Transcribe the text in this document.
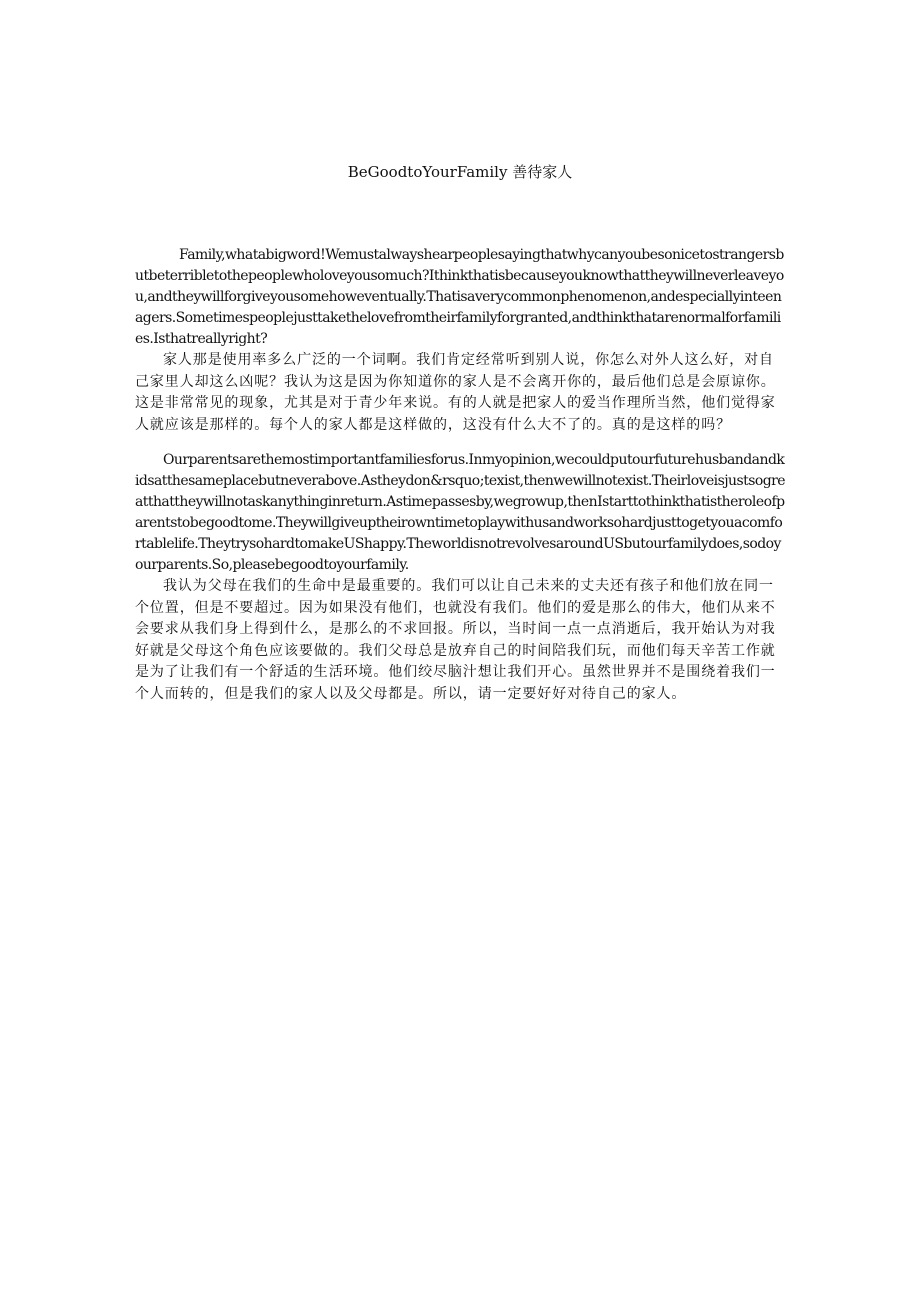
BeGoodtoYourFamily 善待家人

Family,whatabigword!Wemustalwayshearpeoplesayingthatwhycanyoubesonicetostrangersbutbeterribletothepeoplewholoveyousomuch?Ithinkthatisbecauseyouknowthattheywillneverleaveyou,andtheywillforgiveyousomehoweventually.Thatisaverycommonphenomenon,andespeciallyinteenagers.Sometimespeoplejusttakethelovefromtheirfamilyforgranted,andthinkthatarenormalforfamilies.Isthatreallyright?

家人那是使用率多么广泛的一个词啊。我们肯定经常听到别人说，你怎么对外人这么好，对自己家里人却这么凶呢？我认为这是因为你知道你的家人是不会离开你的，最后他们总是会原谅你。这是非常常见的现象，尤其是对于青少年来说。有的人就是把家人的爱当作理所当然，他们觉得家人就应该是那样的。每个人的家人都是这样做的，这没有什么大不了的。真的是这样的吗？

Ourparentsarethemostimportantfamiliesforus.Inmyopinion,wecouldputourfuturehusbandandkidsatthesameplacebutneverabove.Astheydon&rsquo;texist,thenwewillnotexist.Theirloveisjustsogreatthattheywillnotaskanythinginreturn.Astimepassesby,wegrowup,thenIstarttothinkthatistheroleofparentstobegoodtome.Theywillgiveuptheirowntimetoplaywithusandworksohardjusttogetyouacomfortablelife.TheytrysohardtomakeUShappy.TheworldisnotrevolvesaroundUSbutourfamilydoes,sodoyourparents.So,pleasebegoodtoyourfamily.

我认为父母在我们的生命中是最重要的。我们可以让自己未来的丈夫还有孩子和他们放在同一个位置，但是不要超过。因为如果没有他们，也就没有我们。他们的爱是那么的伟大，他们从来不会要求从我们身上得到什么，是那么的不求回报。所以，当时间一点一点消逝后，我开始认为对我好就是父母这个角色应该要做的。我们父母总是放弃自己的时间陪我们玩，而他们每天辛苦工作就是为了让我们有一个舒适的生活环境。他们绞尽脑汁想让我们开心。虽然世界并不是围绕着我们一个人而转的，但是我们的家人以及父母都是。所以，请一定要好好对待自己的家人。
